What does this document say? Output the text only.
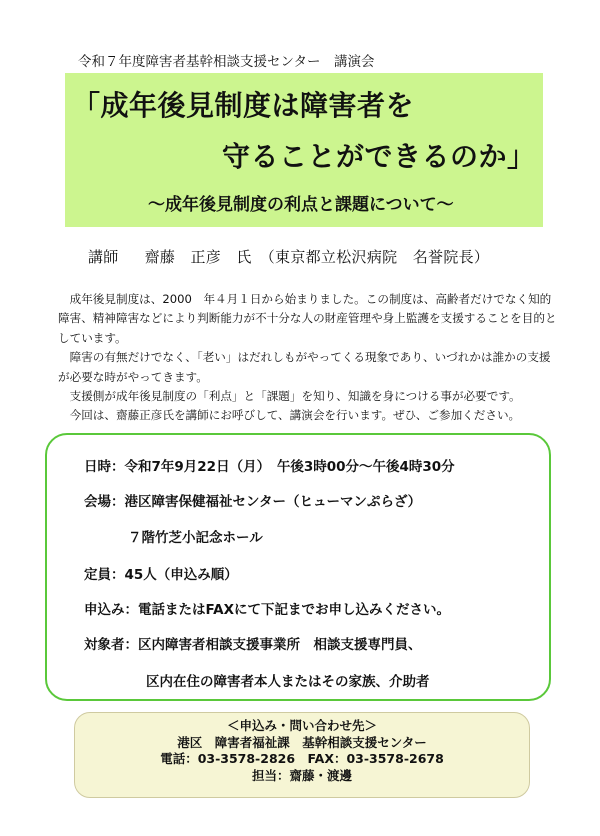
令和７年度障害者基幹相談支援センター　講演会
「成年後見制度は障害者を
守ることができるのか」
～成年後見制度の利点と課題について～
講師 齋藤　正彦　氏 （東京都立松沢病院　名誉院長）

成年後見制度は、2000　年４月１日から始まりました。この制度は、高齢者だけでなく知的障害、精神障害などにより判断能力が不十分な人の財産管理や身上監護を支援することを目的としています。

障害の有無だけでなく、「老い」はだれしもがやってくる現象であり、いづれかは誰かの支援が必要な時がやってきます。

支援側が成年後見制度の「利点」と「課題」を知り、知識を身につける事が必要です。

今回は、齋藤正彦氏を講師にお呼びして、講演会を行います。ぜひ、ご参加ください。

日時：令和7年9月22日（月）　午後3時00分～午後4時30分
会場：港区障害保健福祉センター（ヒューマンぷらざ）
７階竹芝小記念ホール
定員：45人（申込み順）
申込み：電話またはFAXにて下記までお申し込みください。
対象者：区内障害者相談支援事業所　相談支援専門員、
区内在住の障害者本人またはその家族、介助者
＜申込み・問い合わせ先＞
港区　障害者福祉課　基幹相談支援センター
電話：03-3578-2826　FAX：03-3578-2678
担当：齋藤・渡邊
